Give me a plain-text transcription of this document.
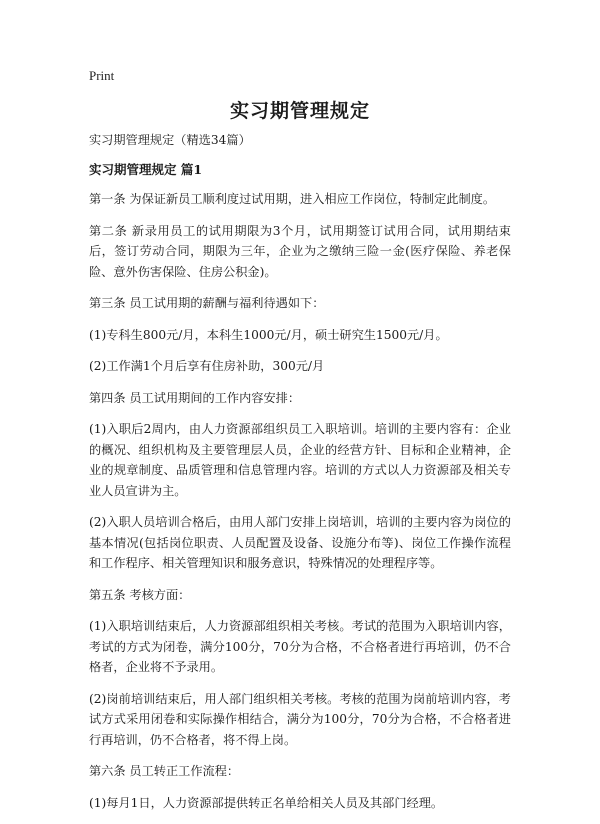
Print
实习期管理规定

实习期管理规定（精选34篇）

实习期管理规定 篇1

第一条 为保证新员工顺利度过试用期，进入相应工作岗位，特制定此制度。

第二条 新录用员工的试用期限为3个月，试用期签订试用合同，试用期结束后，签订劳动合同，期限为三年，企业为之缴纳三险一金(医疗保险、养老保险、意外伤害保险、住房公积金)。

第三条 员工试用期的薪酬与福利待遇如下：

(1)专科生800元/月，本科生1000元/月，硕士研究生1500元/月。

(2)工作满1个月后享有住房补助，300元/月

第四条 员工试用期间的工作内容安排：

(1)入职后2周内，由人力资源部组织员工入职培训。培训的主要内容有：企业的概况、组织机构及主要管理层人员，企业的经营方针、目标和企业精神，企业的规章制度、品质管理和信息管理内容。培训的方式以人力资源部及相关专业人员宣讲为主。

(2)入职人员培训合格后，由用人部门安排上岗培训，培训的主要内容为岗位的基本情况(包括岗位职责、人员配置及设备、设施分布等)、岗位工作操作流程和工作程序、相关管理知识和服务意识，特殊情况的处理程序等。

第五条 考核方面：

(1)入职培训结束后，人力资源部组织相关考核。考试的范围为入职培训内容，考试的方式为闭卷，满分100分，70分为合格，不合格者进行再培训，仍不合格者，企业将不予录用。

(2)岗前培训结束后，用人部门组织相关考核。考核的范围为岗前培训内容，考试方式采用闭卷和实际操作相结合，满分为100分，70分为合格，不合格者进行再培训，仍不合格者，将不得上岗。

第六条 员工转正工作流程：

(1)每月1日，人力资源部提供转正名单给相关人员及其部门经理。
